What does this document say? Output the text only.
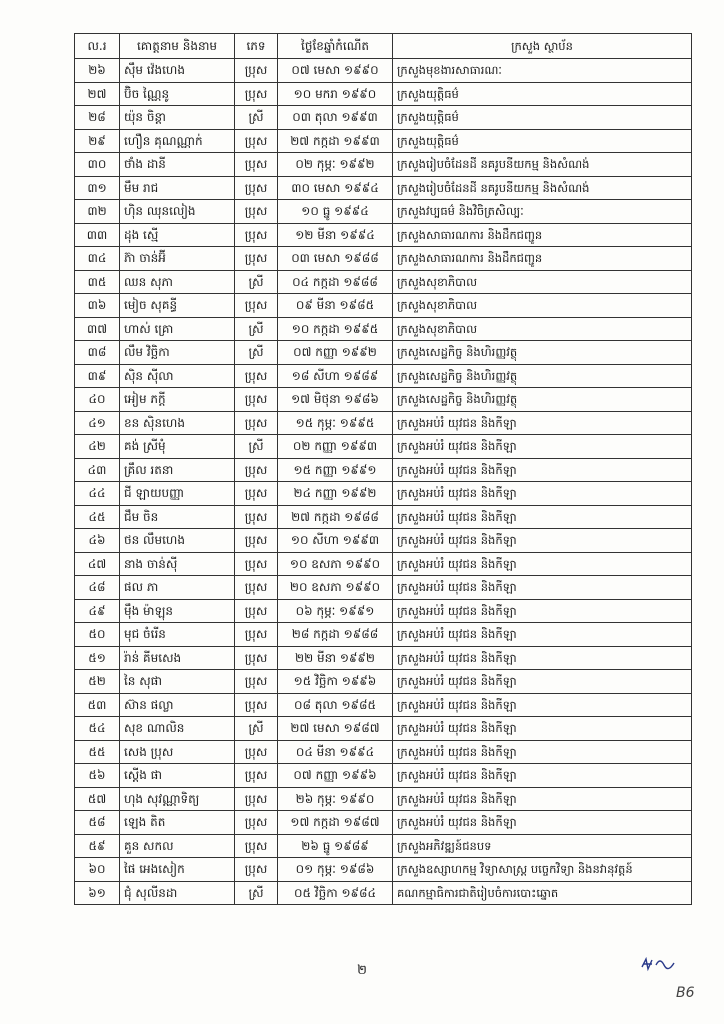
ល.រ	គោត្តនាម និងនាម	ភេទ	ថ្ងៃខែឆ្នាំកំណើត	ក្រសួង ស្ថាប័ន
២៦	ស៊ឹម វ៉េងហេង	ប្រុស	០៧ មេសា ១៩៩០	ក្រសួងមុខងារសាធារណៈ
២៧	ប៊ិច ណ្ណៃនូ	ប្រុស	១០ មករា ១៩៩០	ក្រសួងយុត្តិធម៌
២៨	យ៉ុន ចិន្តា	ស្រី	០៣ តុលា ១៩៩៣	ក្រសួងយុត្តិធម៌
២៩	ហឿន គុណណ្ណាក់	ប្រុស	២៧ កក្កដា ១៩៩៣	ក្រសួងយុត្តិធម៌
៣០	ថាំង ដានី	ប្រុស	០២ កុម្ភៈ ១៩៩២	ក្រសួងរៀបចំដែនដី នគរូបនីយកម្ម និងសំណង់
៣១	មឹម រាជ	ប្រុស	៣០ មេសា ១៩៩៤	ក្រសួងរៀបចំដែនដី នគរូបនីយកម្ម និងសំណង់
៣២	ហ៊ិន ឈុនលៀង	ប្រុស	១០ ធ្នូ ១៩៩៤	ក្រសួងវប្បធម៌ និងវិចិត្រសិល្បៈ
៣៣	ដុង ស្មើ	ប្រុស	១២ មីនា ១៩៩៤	ក្រសួងសាធារណការ និងដឹកជញ្ជូន
៣៤	ភ៊ា ចាន់អ៊ី	ប្រុស	០៣ មេសា ១៩៨៨	ក្រសួងសាធារណការ និងដឹកជញ្ជូន
៣៥	ឈន សុភា	ស្រី	០៤ កក្កដា ១៩៨៨	ក្រសួងសុខាភិបាល
៣៦	មៀច សុគន្ធី	ប្រុស	០៩ មីនា ១៩៨៥	ក្រសួងសុខាភិបាល
៣៧	ហាស់ គ្រោ	ស្រី	១០ កក្កដា ១៩៩៥	ក្រសួងសុខាភិបាល
៣៨	លឹម វិច្ឆិកា	ស្រី	០៧ កញ្ញា ១៩៩២	ក្រសួងសេដ្ឋកិច្ច និងហិរញ្ញវត្ថុ
៣៩	ស៊ិន ស៊ីលា	ប្រុស	១៨ សីហា ១៩៨៩	ក្រសួងសេដ្ឋកិច្ច និងហិរញ្ញវត្ថុ
៤០	អៀម ភក្តី	ប្រុស	១៧ មិថុនា ១៩៨៦	ក្រសួងសេដ្ឋកិច្ច និងហិរញ្ញវត្ថុ
៤១	ខន ស៊ិនហេង	ប្រុស	១៥ កុម្ភៈ ១៩៩៥	ក្រសួងអប់រំ យុវជន និងកីឡា
៤២	គង់ ស្រីមុំ	ស្រី	០២ កញ្ញា ១៩៩៣	ក្រសួងអប់រំ យុវជន និងកីឡា
៤៣	គ្រឹល រតនា	ប្រុស	១៥ កញ្ញា ១៩៩១	ក្រសួងអប់រំ យុវជន និងកីឡា
៤៤	ជី ឡាយបញ្ញា	ប្រុស	២៤ កញ្ញា ១៩៩២	ក្រសួងអប់រំ យុវជន និងកីឡា
៤៥	ជឹម ចិន	ប្រុស	២៧ កក្កដា ១៩៨៨	ក្រសួងអប់រំ យុវជន និងកីឡា
៤៦	ថន លឹមហេង	ប្រុស	១០ សីហា ១៩៩៣	ក្រសួងអប់រំ យុវជន និងកីឡា
៤៧	នាង ចាន់ស៊ី	ប្រុស	១០ ឧសភា ១៩៩០	ក្រសួងអប់រំ យុវជន និងកីឡា
៤៨	ផល ភា	ប្រុស	២០ ឧសភា ១៩៩០	ក្រសួងអប់រំ យុវជន និងកីឡា
៤៩	ម៉ឹង ម៉ាឡុន	ប្រុស	០៦ កុម្ភៈ ១៩៩១	ក្រសួងអប់រំ យុវជន និងកីឡា
៥០	មុជ ចំរើន	ប្រុស	២៨ កក្កដា ១៩៨៨	ក្រសួងអប់រំ យុវជន និងកីឡា
៥១	រ៉ាន់ គីមសេង	ប្រុស	២២ មីនា ១៩៩២	ក្រសួងអប់រំ យុវជន និងកីឡា
៥២	នៃ សុផា	ប្រុស	១៥ វិច្ឆិកា ១៩៩៦	ក្រសួងអប់រំ យុវជន និងកីឡា
៥៣	ស៊ាន ផល្លា	ប្រុស	០៨ តុលា ១៩៨៥	ក្រសួងអប់រំ យុវជន និងកីឡា
៥៤	សុខ ណាលិន	ស្រី	២៧ មេសា ១៩៨៧	ក្រសួងអប់រំ យុវជន និងកីឡា
៥៥	សេង ប្រុស	ប្រុស	០៤ មីនា ១៩៩៤	ក្រសួងអប់រំ យុវជន និងកីឡា
៥៦	ស្តើង ផា	ប្រុស	០៧ កញ្ញា ១៩៩៦	ក្រសួងអប់រំ យុវជន និងកីឡា
៥៧	ហុង សុវណ្ណាទិត្យ	ប្រុស	២៦ កុម្ភៈ ១៩៩០	ក្រសួងអប់រំ យុវជន និងកីឡា
៥៨	ឡេង តិត	ប្រុស	១៧ កក្កដា ១៩៨៧	ក្រសួងអប់រំ យុវជន និងកីឡា
៥៩	គួន សកល	ប្រុស	២៦ ធ្នូ ១៩៨៩	ក្រសួងអភិវឌ្ឍន៍ជនបទ
៦០	ផៃ អេងសៀក	ប្រុស	០១ កុម្ភៈ ១៩៨៦	ក្រសួងឧស្សាហកម្ម វិទ្យាសាស្ត្រ បច្ចេកវិទ្យា និងនវានុវត្តន៍
៦១	ជុំ សុលីនដា	ស្រី	០៥ វិច្ឆិកា ១៩៨៤	គណកម្មាធិការជាតិរៀបចំការបោះឆ្នោត
២
B6
